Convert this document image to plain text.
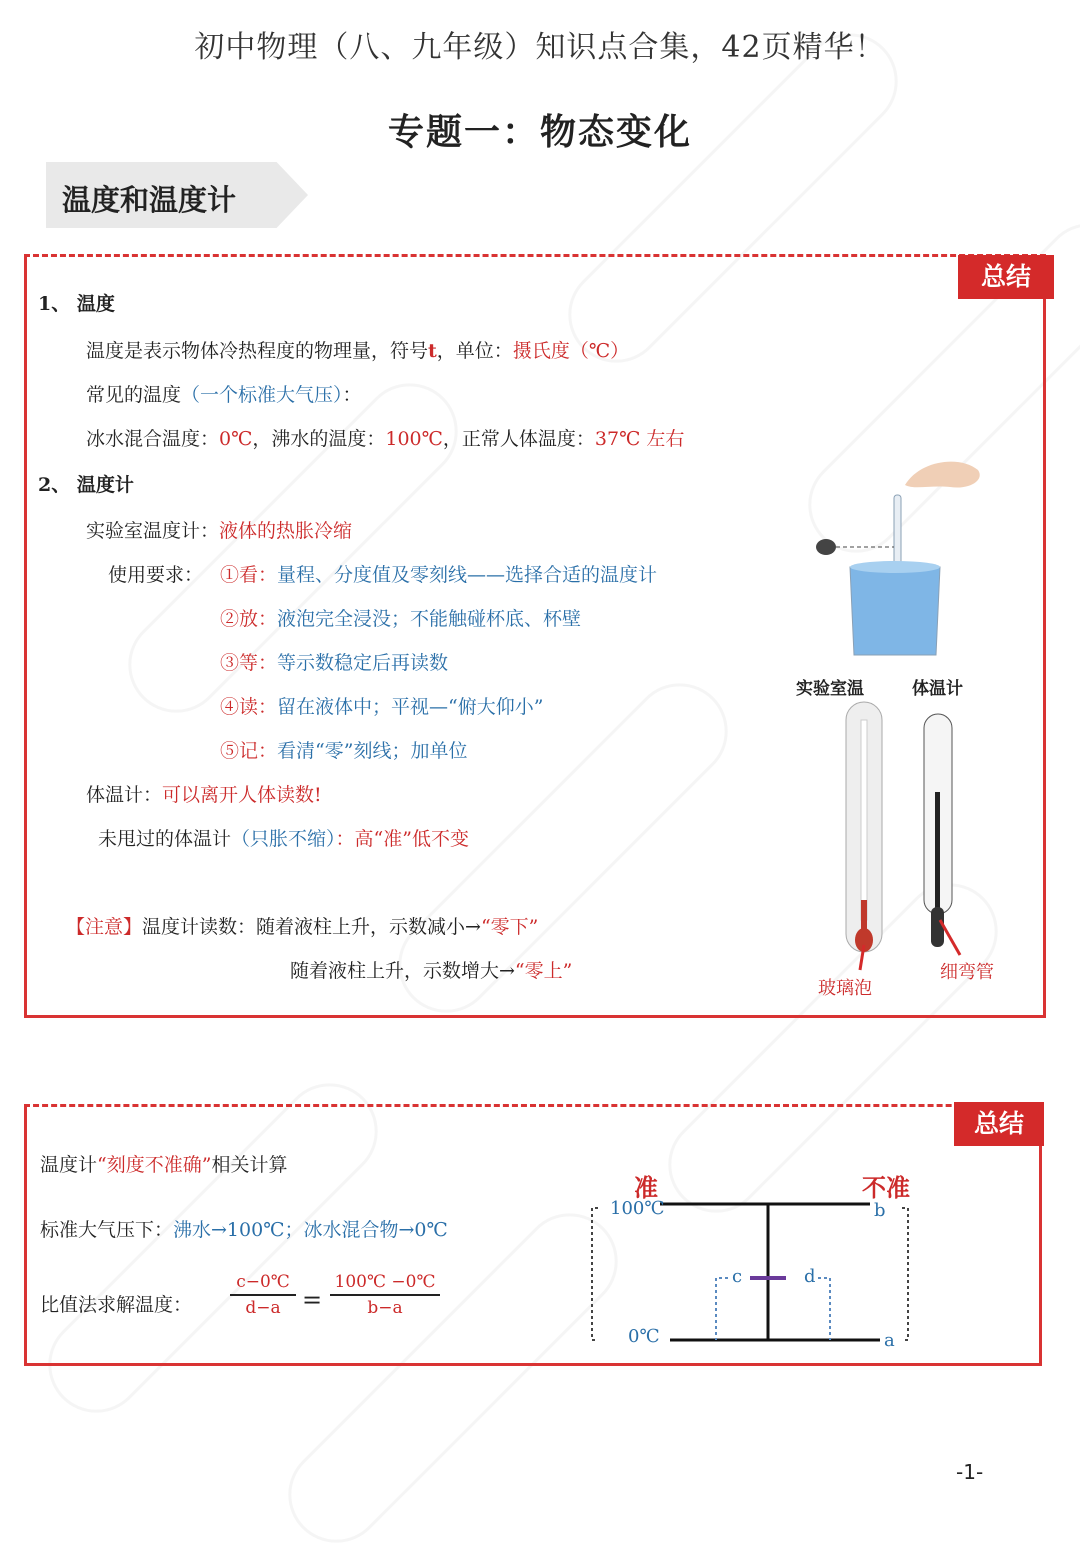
初中物理（八、九年级）知识点合集，42页精华！
专题一：物态变化
温度和温度计
总结
1、 温度
温度是表示物体冷热程度的物理量，符号t，单位：摄氏度（℃）
常见的温度（一个标准大气压）：
冰水混合温度：0℃，沸水的温度：100℃，正常人体温度：37℃ 左右
2、 温度计
实验室温度计：液体的热胀冷缩
使用要求： ①看：量程、分度值及零刻线——选择合适的温度计
②放：液泡完全浸没；不能触碰杯底、杯壁
③等：等示数稳定后再读数
④读：留在液体中；平视—“俯大仰小”
⑤记：看清“零”刻线；加单位
体温计：可以离开人体读数!
未甩过的体温计（只胀不缩）：高“准”低不变
【注意】温度计读数：随着液柱上升，示数减小→“零下”
随着液柱上升，示数增大→“零上”
实验室温	体温计
玻璃泡
细弯管
总结
温度计“刻度不准确”相关计算
标准大气压下：沸水→100℃；冰水混合物→0℃
比值法求解温度：
c−0℃
d−a =
100℃ −0℃
b−a
准	不准
100℃
0℃
b
a
c	d
-1-
